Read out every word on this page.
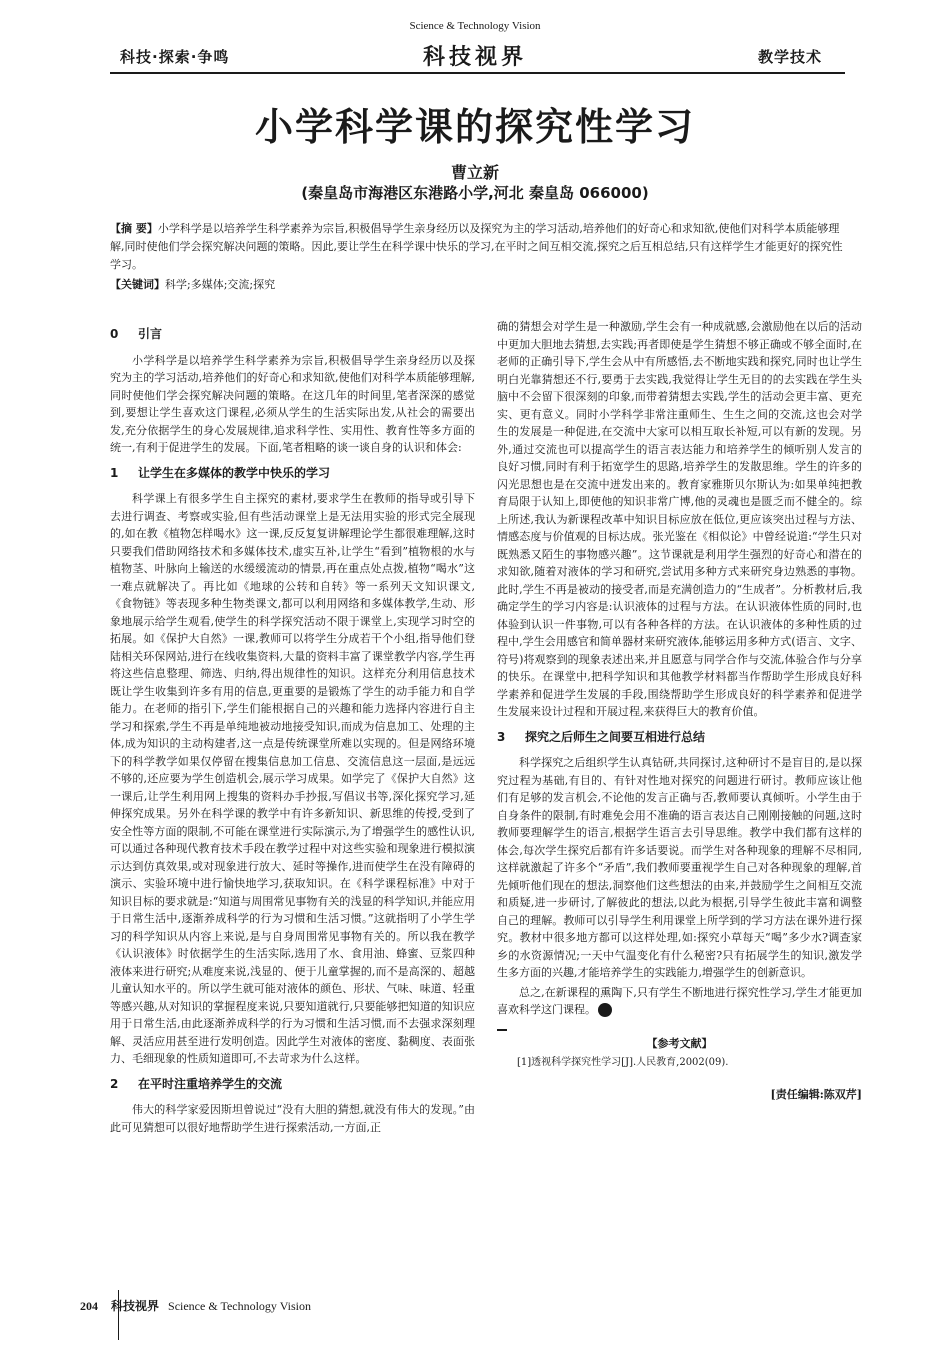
Science & Technology Vision
科技·探索·争鸣	科技视界	教学技术
小学科学课的探究性学习
曹立新
(秦皇岛市海港区东港路小学,河北 秦皇岛 066000)
【摘 要】小学科学是以培养学生科学素养为宗旨,积极倡导学生亲身经历以及探究为主的学习活动,培养他们的好奇心和求知欲,使他们对科学本质能够理解,同时使他们学会探究解决问题的策略。因此,要让学生在科学课中快乐的学习,在平时之间互相交流,探究之后互相总结,只有这样学生才能更好的探究性学习。
【关键词】科学;多媒体;交流;探究
0 引言

小学科学是以培养学生科学素养为宗旨,积极倡导学生亲身经历以及探究为主的学习活动,培养他们的好奇心和求知欲,使他们对科学本质能够理解,同时使他们学会探究解决问题的策略。在这几年的时间里,笔者深深的感觉到,要想让学生喜欢这门课程,必须从学生的生活实际出发,从社会的需要出发,充分依据学生的身心发展规律,追求科学性、实用性、教育性等多方面的统一,有利于促进学生的发展。下面,笔者粗略的谈一谈自身的认识和体会:

1 让学生在多媒体的教学中快乐的学习

科学课上有很多学生自主探究的素材,要求学生在教师的指导或引导下去进行调查、考察或实验,但有些活动课堂上是无法用实验的形式完全展现的,如在教《植物怎样喝水》这一课,反反复复讲解理论学生都很难理解,这时只要我们借助网络技术和多媒体技术,虚实互补,让学生“看到”植物根的水与植物茎、叶脉向上输送的水缓缓流动的情景,再在重点处点拨,植物“喝水”这一难点就解决了。再比如《地球的公转和自转》等一系列天文知识课文,《食物链》等表现多种生物类课文,都可以利用网络和多媒体教学,生动、形象地展示给学生观看,使学生的科学探究活动不限于课堂上,实现学习时空的拓展。如《保护大自然》一课,教师可以将学生分成若干个小组,指导他们登陆相关环保网站,进行在线收集资料,大量的资料丰富了课堂教学内容,学生再将这些信息整理、筛选、归纳,得出规律性的知识。这样充分利用信息技术既让学生收集到许多有用的信息,更重要的是锻炼了学生的动手能力和自学能力。在老师的指引下,学生们能根据自己的兴趣和能力选择内容进行自主学习和探索,学生不再是单纯地被动地接受知识,而成为信息加工、处理的主体,成为知识的主动构建者,这一点是传统课堂所难以实现的。但是网络环境下的科学教学如果仅停留在搜集信息加工信息、交流信息这一层面,是远远不够的,还应要为学生创造机会,展示学习成果。如学完了《保护大自然》这一课后,让学生利用网上搜集的资料办手抄报,写倡议书等,深化探究学习,延伸探究成果。另外在科学课的教学中有许多新知识、新思维的传授,受到了安全性等方面的限制,不可能在课堂进行实际演示,为了增强学生的感性认识,可以通过各种现代教育技术手段在教学过程中对这些实验和现象进行模拟演示达到仿真效果,或对现象进行放大、延时等操作,进而使学生在没有障碍的演示、实验环境中进行愉快地学习,获取知识。在《科学课程标准》中对于知识目标的要求就是:“知道与周围常见事物有关的浅显的科学知识,并能应用于日常生活中,逐渐养成科学的行为习惯和生活习惯。”这就指明了小学生学习的科学知识从内容上来说,是与自身周围常见事物有关的。所以我在教学《认识液体》时依据学生的生活实际,选用了水、食用油、蜂蜜、豆浆四种液体来进行研究;从难度来说,浅显的、便于儿童掌握的,而不是高深的、超越儿童认知水平的。所以学生就可能对液体的颜色、形状、气味、味道、轻重等感兴趣,从对知识的掌握程度来说,只要知道就行,只要能够把知道的知识应用于日常生活,由此逐渐养成科学的行为习惯和生活习惯,而不去强求深刻理解、灵活应用甚至进行发明创造。因此学生对液体的密度、黏稠度、表面张力、毛细现象的性质知道即可,不去苛求为什么这样。

2 在平时注重培养学生的交流

伟大的科学家爱因斯坦曾说过“没有大胆的猜想,就没有伟大的发现。”由此可见猜想可以很好地帮助学生进行探索活动,一方面,正

确的猜想会对学生是一种激励,学生会有一种成就感,会激励他在以后的活动中更加大胆地去猜想,去实践;再者即使是学生猜想不够正确或不够全面时,在老师的正确引导下,学生会从中有所感悟,去不断地实践和探究,同时也让学生明白光靠猜想还不行,要勇于去实践,我觉得让学生无目的的去实践在学生头脑中不会留下很深刻的印象,而带着猜想去实践,学生的活动会更丰富、更充实、更有意义。同时小学科学非常注重师生、生生之间的交流,这也会对学生的发展是一种促进,在交流中大家可以相互取长补短,可以有新的发现。另外,通过交流也可以提高学生的语言表达能力和培养学生的倾听别人发言的良好习惯,同时有利于拓宽学生的思路,培养学生的发散思维。学生的许多的闪光思想也是在交流中迸发出来的。教育家雅斯贝尔斯认为:如果单纯把教育局限于认知上,即使他的知识非常广博,他的灵魂也是匮乏而不健全的。综上所述,我认为新课程改革中知识目标应放在低位,更应该突出过程与方法、情感态度与价值观的目标达成。张光鉴在《相似论》中曾经说道:“学生只对既熟悉又陌生的事物感兴趣”。这节课就是利用学生强烈的好奇心和潜在的求知欲,随着对液体的学习和研究,尝试用多种方式来研究身边熟悉的事物。此时,学生不再是被动的接受者,而是充满创造力的“生成者”。分析教材后,我确定学生的学习内容是:认识液体的过程与方法。在认识液体性质的同时,也体验到认识一件事物,可以有各种各样的方法。在认识液体的多种性质的过程中,学生会用感官和简单器材来研究液体,能够运用多种方式(语言、文字、符号)将观察到的现象表述出来,并且愿意与同学合作与交流,体验合作与分享的快乐。在课堂中,把科学知识和其他教学材料都当作帮助学生形成良好科学素养和促进学生发展的手段,围绕帮助学生形成良好的科学素养和促进学生发展来设计过程和开展过程,来获得巨大的教育价值。

3 探究之后师生之间要互相进行总结

科学探究之后组织学生认真钻研,共同探讨,这种研讨不是盲目的,是以探究过程为基础,有目的、有针对性地对探究的问题进行研讨。教师应该让他们有足够的发言机会,不论他的发言正确与否,教师要认真倾听。小学生由于自身条件的限制,有时难免会用不准确的语言表达自己刚刚接触的问题,这时教师要理解学生的语言,根据学生语言去引导思维。教学中我们都有这样的体会,每次学生探究后都有许多话要说。而学生对各种现象的理解不尽相同,这样就激起了许多个“矛盾”,我们教师要重视学生自己对各种现象的理解,首先倾听他们现在的想法,洞察他们这些想法的由来,并鼓励学生之间相互交流和质疑,进一步研讨,了解彼此的想法,以此为根据,引导学生彼此丰富和调整自己的理解。教师可以引导学生利用课堂上所学到的学习方法在课外进行探究。教材中很多地方都可以这样处理,如:探究小草每天“喝”多少水?调查家乡的水资源情况;一天中气温变化有什么秘密?只有拓展学生的知识,激发学生多方面的兴趣,才能培养学生的实践能力,增强学生的创新意识。

总之,在新课程的熏陶下,只有学生不断地进行探究性学习,学生才能更加喜欢科学这门课程。

【参考文献】

[1]透视科学探究性学习[J].人民教育,2002(09).

[责任编辑:陈双芹]
204 科技视界 Science & Technology Vision
